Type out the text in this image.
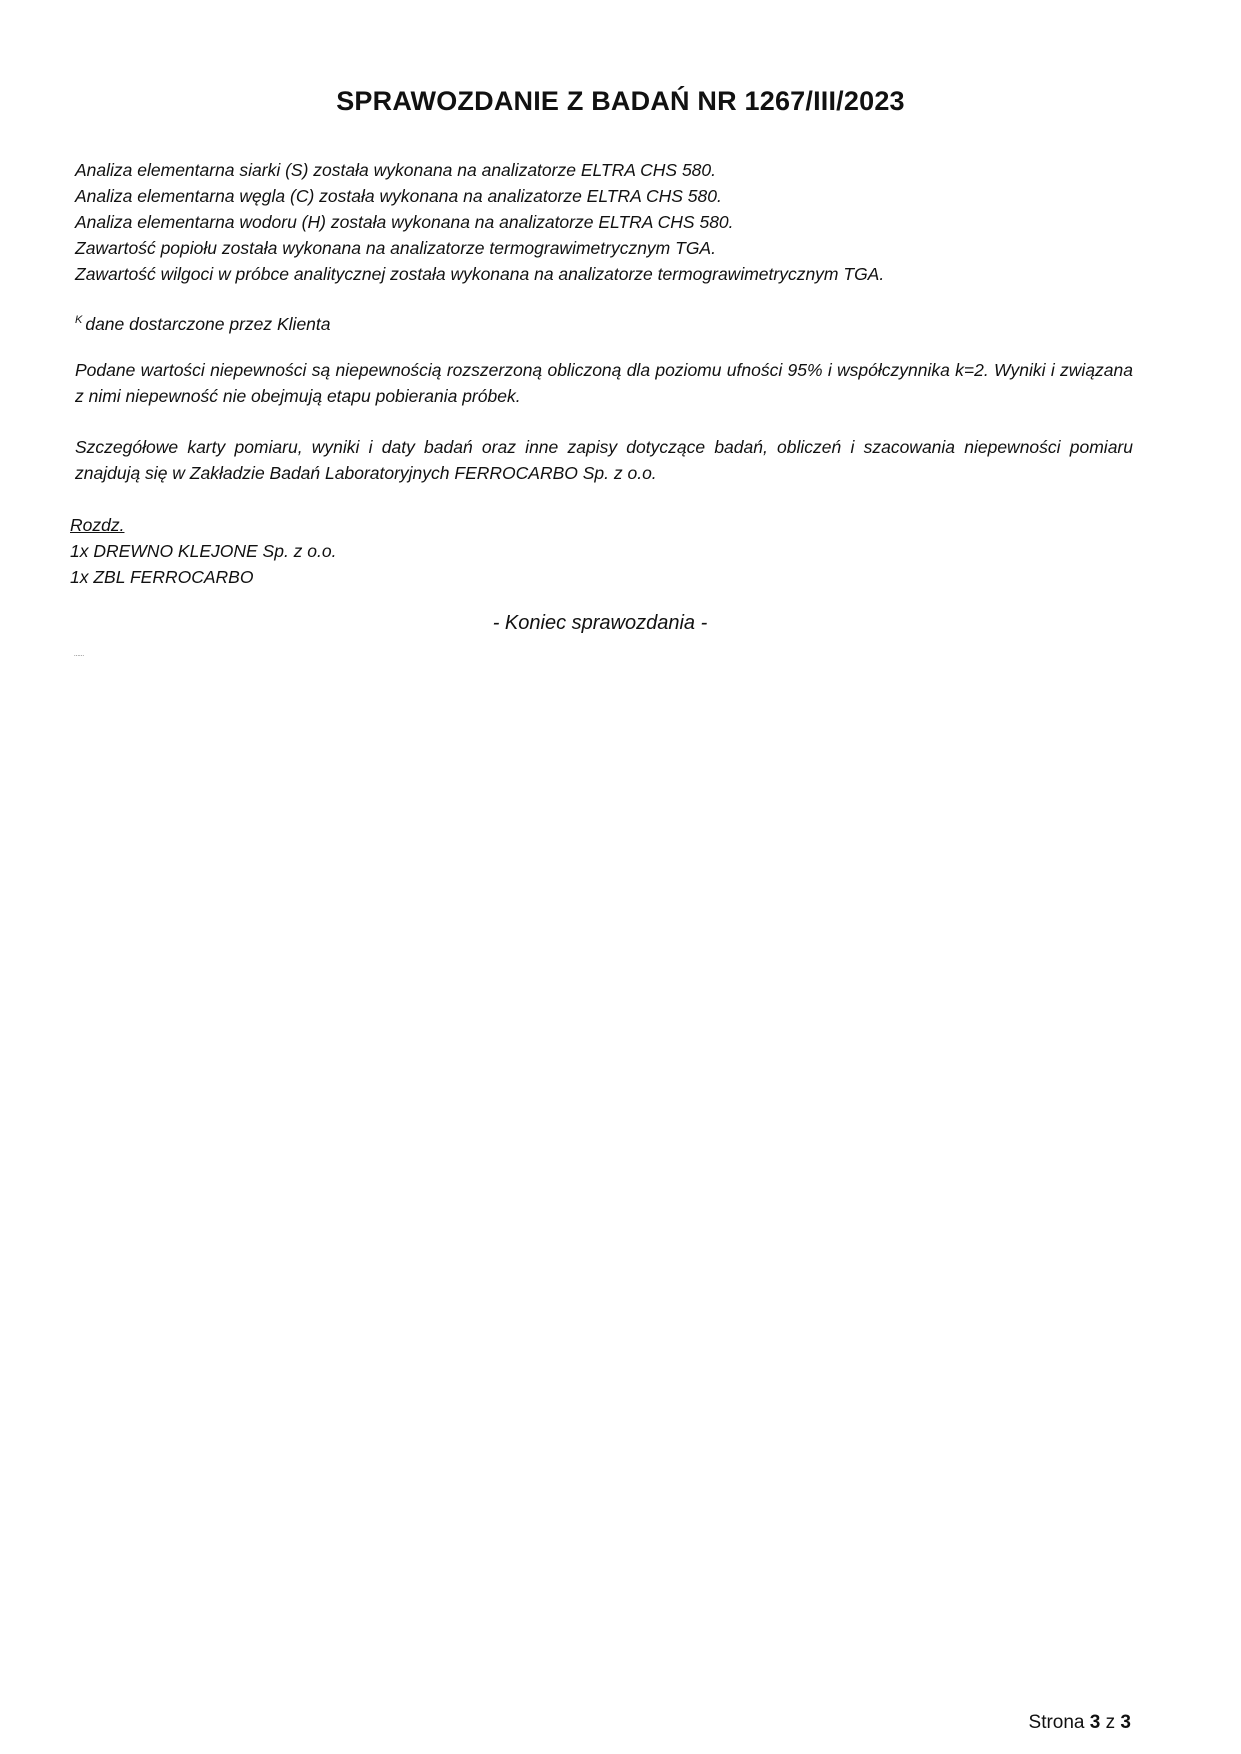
SPRAWOZDANIE Z BADAŃ NR 1267/III/2023
Analiza elementarna siarki (S) została wykonana na analizatorze ELTRA CHS 580.
Analiza elementarna węgla (C) została wykonana na analizatorze ELTRA CHS 580.
Analiza elementarna wodoru (H) została wykonana na analizatorze ELTRA CHS 580.
Zawartość popiołu została wykonana na analizatorze termograwimetrycznym TGA.
Zawartość wilgoci w próbce analitycznej została wykonana na analizatorze termograwimetrycznym TGA.
$^K$ dane dostarczone przez Klienta
Podane wartości niepewności są niepewnością rozszerzoną obliczoną dla poziomu ufności 95% i współczynnika k=2. Wyniki i związana z nimi niepewność nie obejmują etapu pobierania próbek.
Szczegółowe karty pomiaru, wyniki i daty badań oraz inne zapisy dotyczące badań, obliczeń i szacowania niepewności pomiaru znajdują się w Zakładzie Badań Laboratoryjnych FERROCARBO Sp. z o.o.
Rozdz.
1x DREWNO KLEJONE Sp. z o.o.
1x ZBL FERROCARBO
- Koniec sprawozdania -
......
Strona 3 z 3
